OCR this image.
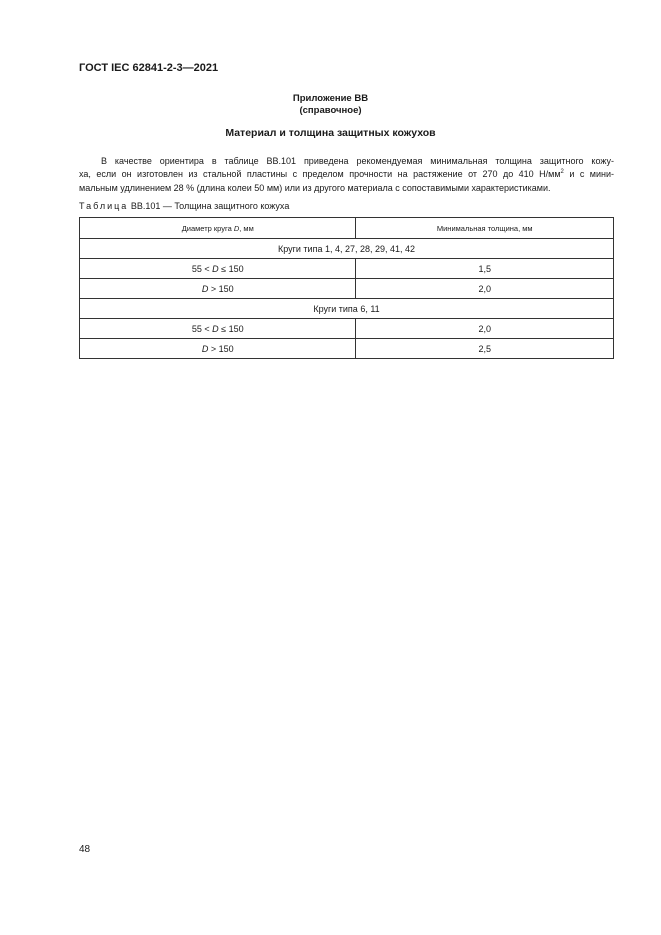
ГОСТ IEC 62841-2-3—2021
Приложение ВВ
(справочное)
Материал и толщина защитных кожухов
В качестве ориентира в таблице ВВ.101 приведена рекомендуемая минимальная толщина защитного кожу-
ха, если он изготовлен из стальной пластины с пределом прочности на растяжение от 270 до 410 $Н/мм^2$ и с мини-
мальным удлинением 28 % (длина колеи 50 мм) или из другого материала с сопоставимыми характеристиками.
Таблица ВВ.101 — Толщина защитного кожуха
Диаметр круга D, мм	Минимальная толщина, мм
Круги типа 1, 4, 27, 28, 29, 41, 42	
55 < D ≤ 150	1,5
D > 150	2,0
Круги типа 6, 11	
55 < D ≤ 150	2,0
D > 150	2,5
48
